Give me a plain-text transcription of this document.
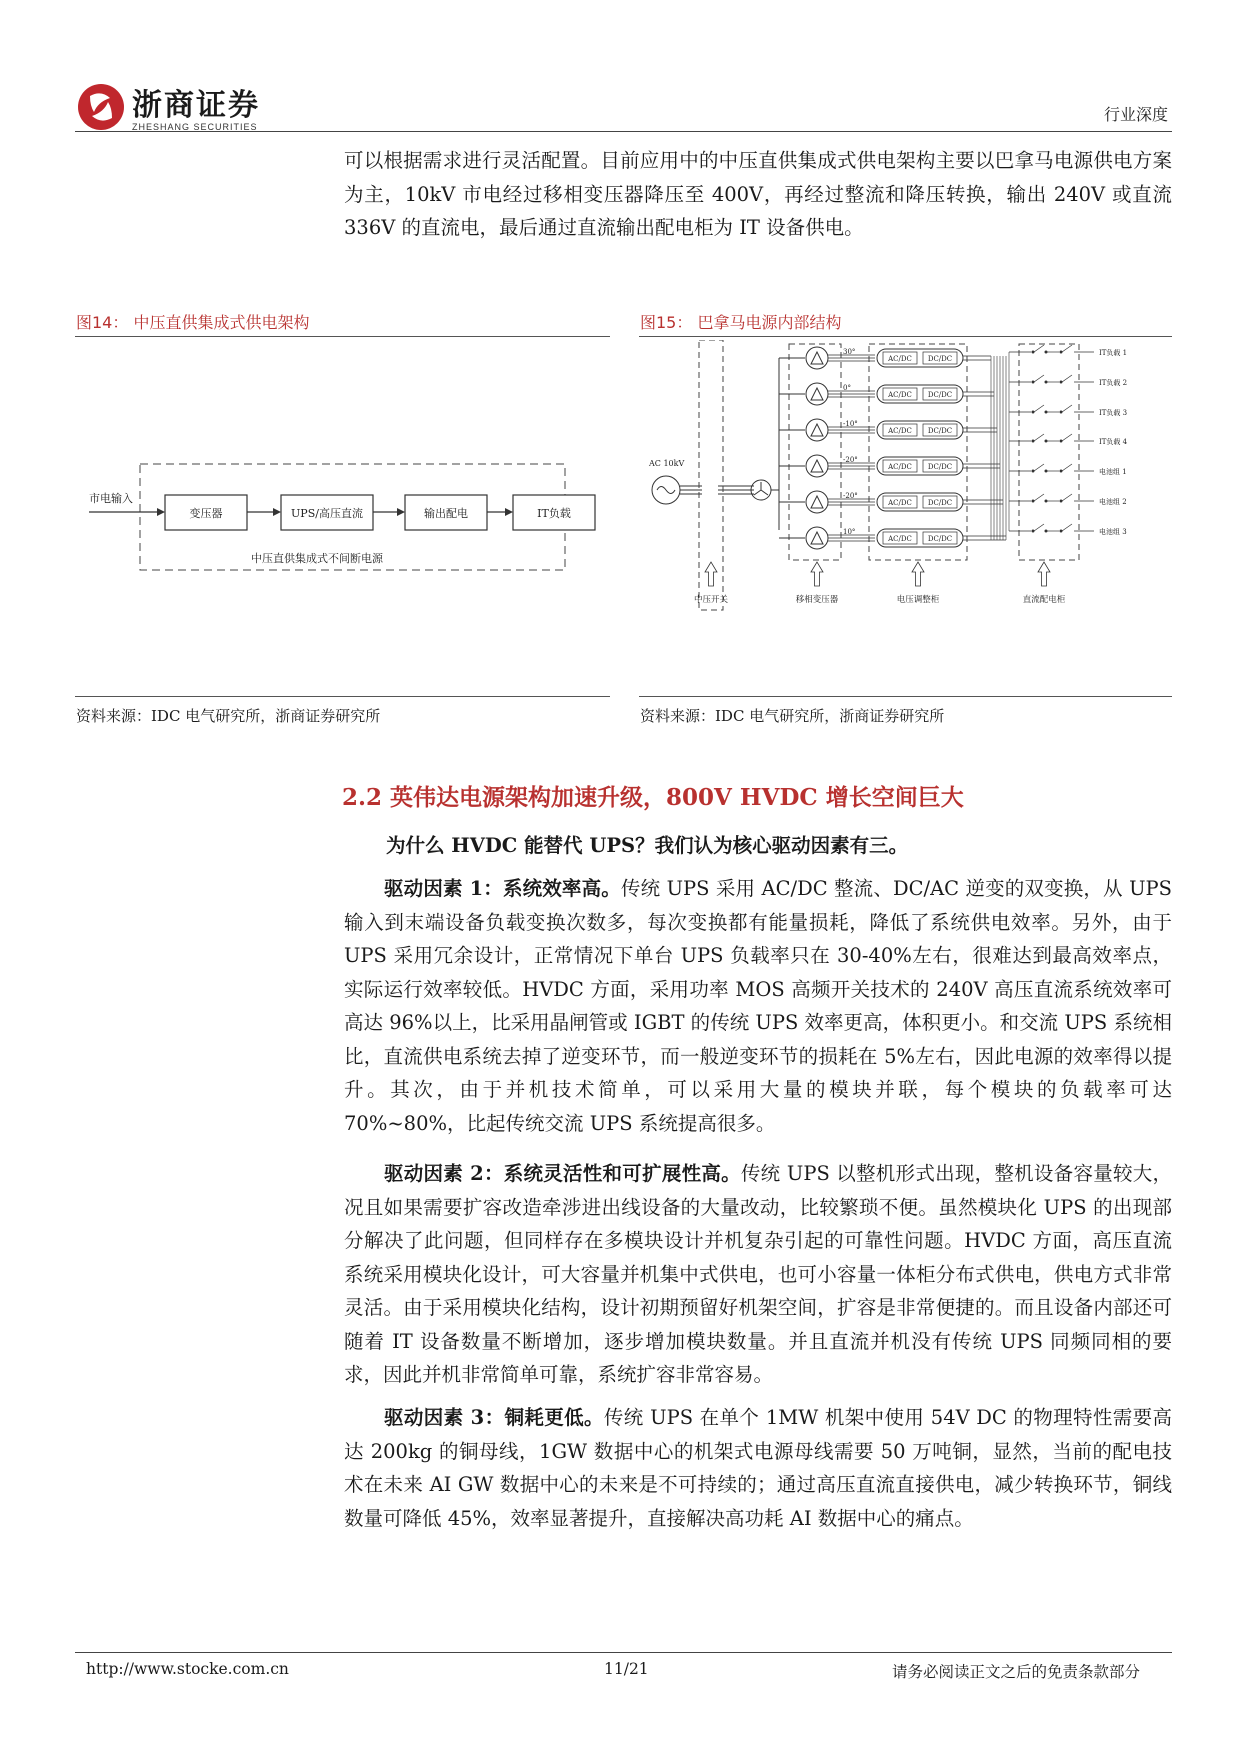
浙商证券
ZHESHANG SECURITIES
行业深度
可以根据需求进行灵活配置。目前应用中的中压直供集成式供电架构主要以巴拿马电源供电方案为主，10kV 市电经过移相变压器降压至 400V，再经过整流和降压转换，输出 240V 或直流 336V 的直流电，最后通过直流输出配电柜为 IT 设备供电。
图14： 中压直供集成式供电架构
市电输入
变压器	UPS/高压直流	输出配电	IT负载
中压直供集成式不间断电源
资料来源：IDC 电气研究所，浙商证券研究所
图15： 巴拿马电源内部结构
AC 10kV
30°
AC/DC DC/DC
0°
AC/DC DC/DC
-10°
AC/DC DC/DC
-20°
AC/DC DC/DC
-20°
AC/DC DC/DC
10°
AC/DC DC/DC
IT负载 1
IT负载 2
IT负载 3
IT负载 4
电池组 1
电池组 2
电池组 3
中压开关	移相变压器	电压调整柜	直流配电柜
资料来源：IDC 电气研究所，浙商证券研究所
2.2 英伟达电源架构加速升级，800V HVDC 增长空间巨大
为什么 HVDC 能替代 UPS？我们认为核心驱动因素有三。
驱动因素 1：系统效率高。传统 UPS 采用 AC/DC 整流、DC/AC 逆变的双变换，从 UPS 输入到末端设备负载变换次数多，每次变换都有能量损耗，降低了系统供电效率。另外，由于 UPS 采用冗余设计，正常情况下单台 UPS 负载率只在 30-40%左右，很难达到最高效率点，实际运行效率较低。HVDC 方面，采用功率 MOS 高频开关技术的 240V 高压直流系统效率可高达 96%以上，比采用晶闸管或 IGBT 的传统 UPS 效率更高，体积更小。和交流 UPS 系统相比，直流供电系统去掉了逆变环节，而一般逆变环节的损耗在 5%左右，因此电源的效率得以提升。其次，由于并机技术简单，可以采用大量的模块并联，每个模块的负载率可达 70%~80%，比起传统交流 UPS 系统提高很多。
驱动因素 2：系统灵活性和可扩展性高。传统 UPS 以整机形式出现，整机设备容量较大，况且如果需要扩容改造牵涉进出线设备的大量改动，比较繁琐不便。虽然模块化 UPS 的出现部分解决了此问题，但同样存在多模块设计并机复杂引起的可靠性问题。HVDC 方面，高压直流系统采用模块化设计，可大容量并机集中式供电，也可小容量一体柜分布式供电，供电方式非常灵活。由于采用模块化结构，设计初期预留好机架空间，扩容是非常便捷的。而且设备内部还可随着 IT 设备数量不断增加，逐步增加模块数量。并且直流并机没有传统 UPS 同频同相的要求，因此并机非常简单可靠，系统扩容非常容易。
驱动因素 3：铜耗更低。传统 UPS 在单个 1MW 机架中使用 54V DC 的物理特性需要高达 200kg 的铜母线，1GW 数据中心的机架式电源母线需要 50 万吨铜，显然，当前的配电技术在未来 AI GW 数据中心的未来是不可持续的；通过高压直流直接供电，减少转换环节，铜线数量可降低 45%，效率显著提升，直接解决高功耗 AI 数据中心的痛点。
http://www.stocke.com.cn	11/21	请务必阅读正文之后的免责条款部分
